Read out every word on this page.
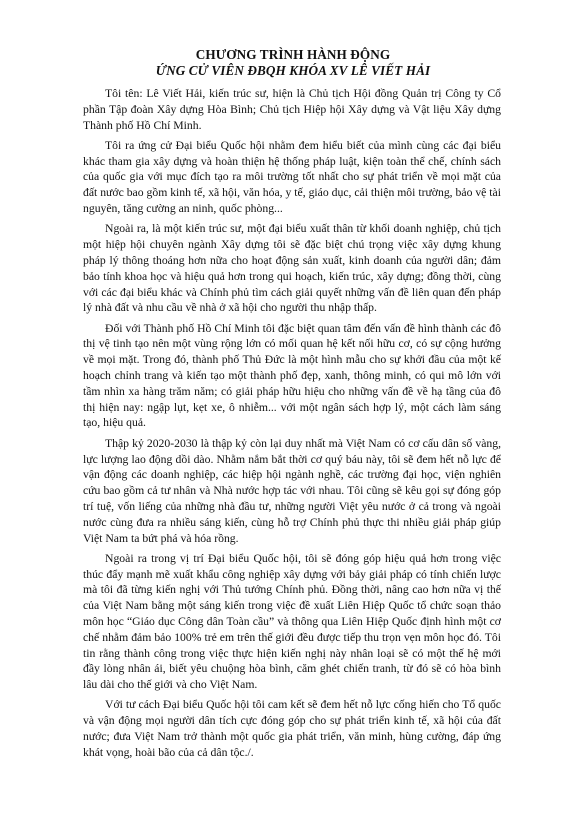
CHƯƠNG TRÌNH HÀNH ĐỘNG
ỨNG CỬ VIÊN ĐBQH KHÓA XV LÊ VIẾT HẢI

Tôi tên: Lê Viết Hải, kiến trúc sư, hiện là Chủ tịch Hội đồng Quản trị Công ty Cổ phần Tập đoàn Xây dựng Hòa Bình; Chủ tịch Hiệp hội Xây dựng và Vật liệu Xây dựng Thành phố Hồ Chí Minh.

Tôi ra ứng cử Đại biểu Quốc hội nhằm đem hiểu biết của mình cùng các đại biểu khác tham gia xây dựng và hoàn thiện hệ thống pháp luật, kiện toàn thể chế, chính sách của quốc gia với mục đích tạo ra môi trường tốt nhất cho sự phát triển về mọi mặt của đất nước bao gồm kinh tế, xã hội, văn hóa, y tế, giáo dục, cải thiện môi trường, bảo vệ tài nguyên, tăng cường an ninh, quốc phòng...

Ngoài ra, là một kiến trúc sư, một đại biểu xuất thân từ khối doanh nghiệp, chủ tịch một hiệp hội chuyên ngành Xây dựng tôi sẽ đặc biệt chú trọng việc xây dựng khung pháp lý thông thoáng hơn nữa cho hoạt động sản xuất, kinh doanh của người dân; đảm bảo tính khoa học và hiệu quả hơn trong qui hoạch, kiến trúc, xây dựng; đồng thời, cùng với các đại biểu khác và Chính phủ tìm cách giải quyết những vấn đề liên quan đến pháp lý nhà đất và nhu cầu về nhà ở xã hội cho người thu nhập thấp.

Đối với Thành phố Hồ Chí Minh tôi đặc biệt quan tâm đến vấn đề hình thành các đô thị vệ tinh tạo nên một vùng rộng lớn có mối quan hệ kết nối hữu cơ, có sự cộng hưởng về mọi mặt. Trong đó, thành phố Thủ Đức là một hình mẫu cho sự khởi đầu của một kế hoạch chỉnh trang và kiến tạo một thành phố đẹp, xanh, thông minh, có qui mô lớn với tầm nhìn xa hàng trăm năm; có giải pháp hữu hiệu cho những vấn đề về hạ tầng của đô thị hiện nay: ngập lụt, kẹt xe, ô nhiễm... với một ngân sách hợp lý, một cách làm sáng tạo, hiệu quả.

Thập kỷ 2020-2030 là thập kỷ còn lại duy nhất mà Việt Nam có cơ cấu dân số vàng, lực lượng lao động dồi dào. Nhằm nắm bắt thời cơ quý báu này, tôi sẽ đem hết nỗ lực để vận động các doanh nghiệp, các hiệp hội ngành nghề, các trường đại học, viện nghiên cứu bao gồm cả tư nhân và Nhà nước hợp tác với nhau. Tôi cũng sẽ kêu gọi sự đóng góp trí tuệ, vốn liếng của những nhà đầu tư, những người Việt yêu nước ở cả trong và ngoài nước cùng đưa ra nhiều sáng kiến, cùng hỗ trợ Chính phủ thực thi nhiều giải pháp giúp Việt Nam ta bứt phá và hóa rồng.

Ngoài ra trong vị trí Đại biểu Quốc hội, tôi sẽ đóng góp hiệu quả hơn trong việc thúc đẩy mạnh mẽ xuất khẩu công nghiệp xây dựng với bảy giải pháp có tính chiến lược mà tôi đã từng kiến nghị với Thủ tướng Chính phủ. Đồng thời, nâng cao hơn nữa vị thế của Việt Nam bằng một sáng kiến trong việc đề xuất Liên Hiệp Quốc tổ chức soạn thảo môn học “Giáo dục Công dân Toàn cầu” và thông qua Liên Hiệp Quốc định hình một cơ chế nhằm đảm bảo 100% trẻ em trên thế giới đều được tiếp thu trọn vẹn môn học đó. Tôi tin rằng thành công trong việc thực hiện kiến nghị này nhân loại sẽ có một thế hệ mới đầy lòng nhân ái, biết yêu chuộng hòa bình, căm ghét chiến tranh, từ đó sẽ có hòa bình lâu dài cho thế giới và cho Việt Nam.

Với tư cách Đại biểu Quốc hội tôi cam kết sẽ đem hết nỗ lực cống hiến cho Tổ quốc và vận động mọi người dân tích cực đóng góp cho sự phát triển kinh tế, xã hội của đất nước; đưa Việt Nam trở thành một quốc gia phát triển, văn minh, hùng cường, đáp ứng khát vọng, hoài bão của cả dân tộc./.
